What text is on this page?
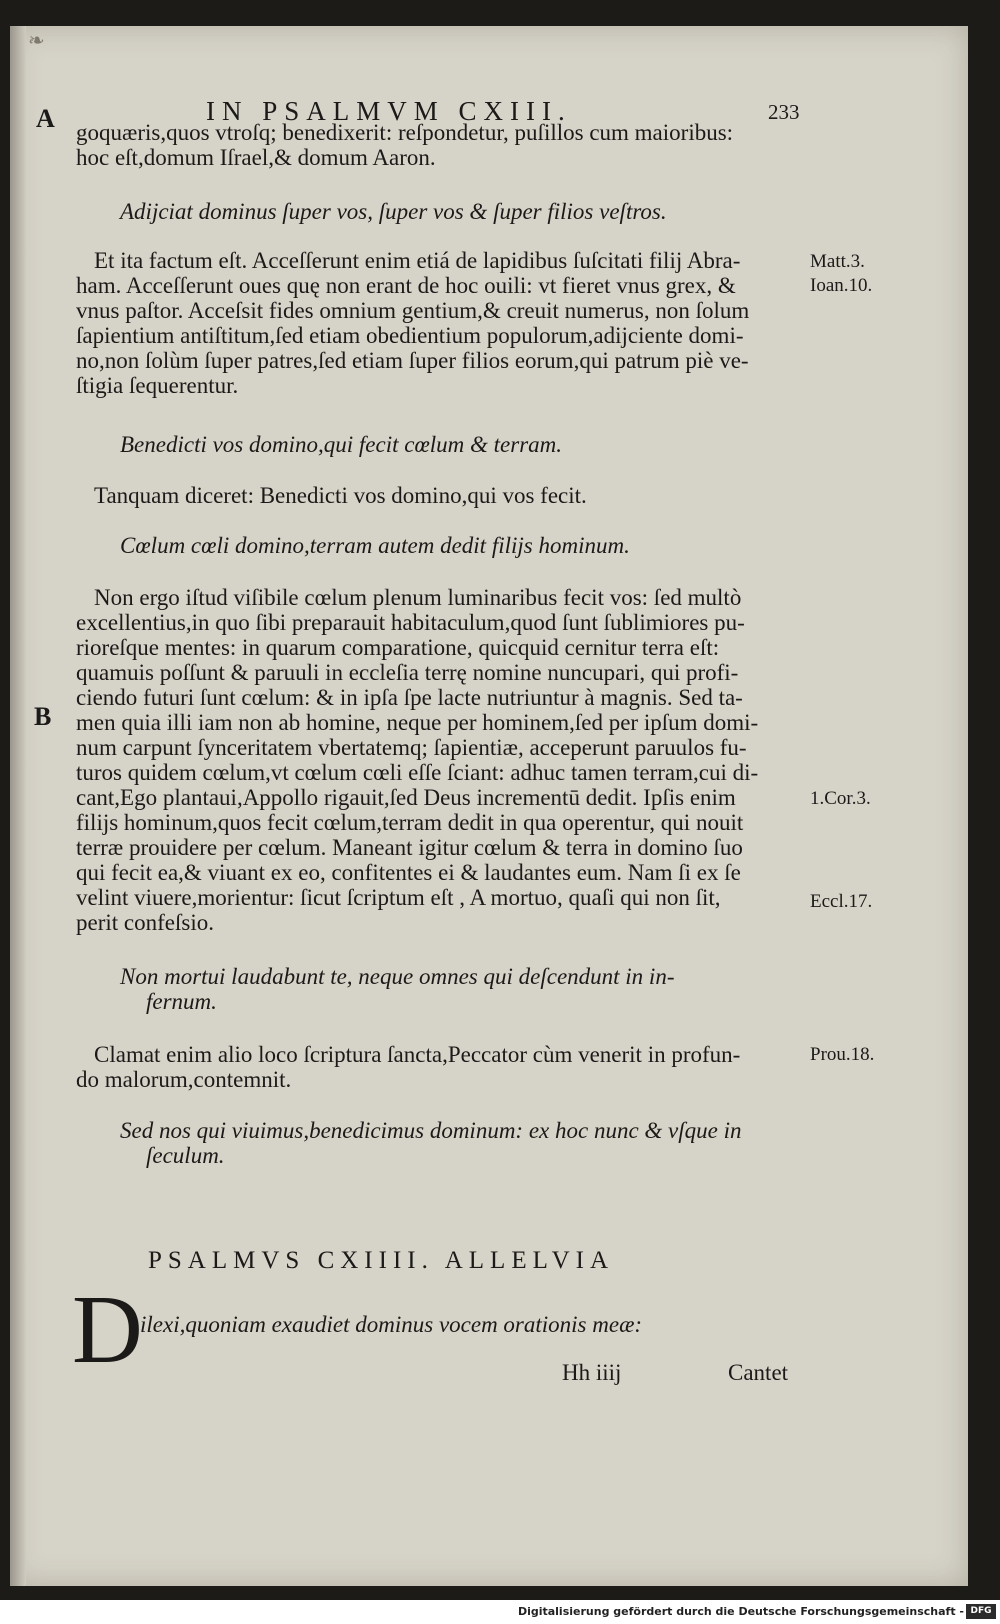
❧
IN PSALMVM CXIII.	233
A
B
goquæris,quos vtroſq; benedixerit: reſpondetur, puſillos cum maioribus:
hoc eſt,domum Iſrael,& domum Aaron.
Adijciat dominus ſuper vos, ſuper vos & ſuper filios veſtros.
Et ita factum eſt. Acceſſerunt enim etiá de lapidibus ſuſcitati filij Abra-
ham. Acceſſerunt oues quę non erant de hoc ouili: vt fieret vnus grex, &
vnus paſtor. Acceſsit fides omnium gentium,& creuit numerus, non ſolum
ſapientium antiſtitum,ſed etiam obedientium populorum,adijciente domi-
no,non ſolùm ſuper patres,ſed etiam ſuper filios eorum,qui patrum piè ve-
ſtigia ſequerentur.
Benedicti vos domino,qui fecit cœlum & terram.
Tanquam diceret: Benedicti vos domino,qui vos fecit.
Cœlum cœli domino,terram autem dedit filijs hominum.
Non ergo iſtud viſibile cœlum plenum luminaribus fecit vos: ſed multò
excellentius,in quo ſibi preparauit habitaculum,quod ſunt ſublimiores pu-
rioreſque mentes: in quarum comparatione, quicquid cernitur terra eſt:
quamuis poſſunt & paruuli in eccleſia terrę nomine nuncupari, qui profi-
ciendo futuri ſunt cœlum: & in ipſa ſpe lacte nutriuntur à magnis. Sed ta-
men quia illi iam non ab homine, neque per hominem,ſed per ipſum domi-
num carpunt ſynceritatem vbertatemq; ſapientiæ, acceperunt paruulos fu-
turos quidem cœlum,vt cœlum cœli eſſe ſciant: adhuc tamen terram,cui di-
cant,Ego plantaui,Appollo rigauit,ſed Deus incrementū dedit. Ipſis enim
filijs hominum,quos fecit cœlum,terram dedit in qua operentur, qui nouit
terræ prouidere per cœlum. Maneant igitur cœlum & terra in domino ſuo
qui fecit ea,& viuant ex eo, confitentes ei & laudantes eum. Nam ſi ex ſe
velint viuere,morientur: ſicut ſcriptum eſt , A mortuo, quaſi qui non ſit,
perit confeſsio.
Non mortui laudabunt te, neque omnes qui deſcendunt in in-
fernum.
Clamat enim alio loco ſcriptura ſancta,Peccator cùm venerit in profun-
do malorum,contemnit.
Sed nos qui viuimus,benedicimus dominum: ex hoc nunc & vſque in
ſeculum.
Matt.3.
Ioan.10.
1.Cor.3.
Eccl.17.
Prou.18.
PSALMVS CXIIII. ALLELVIA
D
ilexi,quoniam exaudiet dominus vocem orationis meæ:
Hh iiij	Cantet
Digitalisierung gefördert durch die Deutsche Forschungsgemeinschaft - DFG
